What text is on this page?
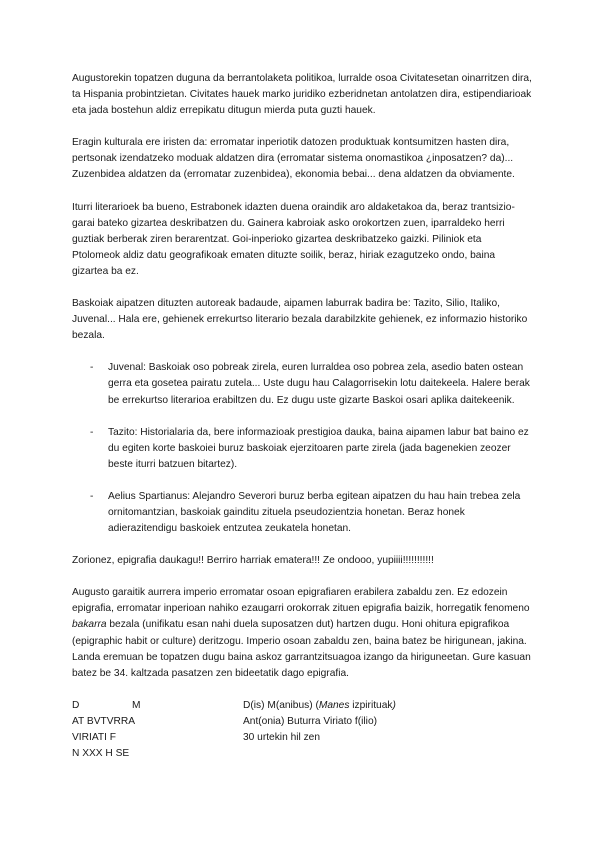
Augustorekin topatzen duguna da berrantolaketa politikoa, lurralde osoa Civitatesetan oinarritzen dira, ta Hispania probintzietan. Civitates hauek marko juridiko ezberidnetan antolatzen dira, estipendiarioak eta jada bostehun aldiz errepikatu ditugun mierda puta guzti hauek.

Eragin kulturala ere iristen da: erromatar inperiotik datozen produktuak kontsumitzen hasten dira, pertsonak izendatzeko moduak aldatzen dira (erromatar sistema onomastikoa ¿inposatzen? da)... Zuzenbidea aldatzen da (erromatar zuzenbidea), ekonomia bebai... dena aldatzen da obviamente.

Iturri literarioek ba bueno, Estrabonek idazten duena oraindik aro aldaketakoa da, beraz trantsizio-garai bateko gizartea deskribatzen du. Gainera kabroiak asko orokortzen zuen, iparraldeko herri guztiak berberak ziren berarentzat. Goi-inperioko gizartea deskribatzeko gaizki. Piliniok eta Ptolomeok aldiz datu geografikoak ematen dituzte soilik, beraz, hiriak ezagutzeko ondo, baina gizartea ba ez.

Baskoiak aipatzen dituzten autoreak badaude, aipamen laburrak badira be: Tazito, Silio, Italiko, Juvenal... Hala ere, gehienek errekurtso literario bezala darabilzkite gehienek, ez informazio historiko bezala.

- Juvenal: Baskoiak oso pobreak zirela, euren lurraldea oso pobrea zela, asedio baten ostean gerra eta gosetea pairatu zutela... Uste dugu hau Calagorrisekin lotu daitekeela. Halere berak be errekurtso literarioa erabiltzen du. Ez dugu uste gizarte Baskoi osari aplika daitekeenik.

- Tazito: Historialaria da, bere informazioak prestigioa dauka, baina aipamen labur bat baino ez du egiten korte baskoiei buruz baskoiak ejerzitoaren parte zirela (jada bagenekien zeozer beste iturri batzuen bitartez).

- Aelius Spartianus: Alejandro Severori buruz berba egitean aipatzen du hau hain trebea zela ornitomantzian, baskoiak gainditu zituela pseudozientzia honetan. Beraz honek adierazitendigu baskoiek entzutea zeukatela honetan.

Zorionez, epigrafia daukagu!! Berriro harriak ematera!!! Ze ondooo, yupiiii!!!!!!!!!!!

Augusto garaitik aurrera imperio erromatar osoan epigrafiaren erabilera zabaldu zen. Ez edozein epigrafia, erromatar inperioan nahiko ezaugarri orokorrak zituen epigrafia baizik, horregatik fenomeno bakarra bezala (unifikatu esan nahi duela suposatzen dut) hartzen dugu. Honi ohitura epigrafikoa (epigraphic habit or culture) deritzogu. Imperio osoan zabaldu zen, baina batez be hirigunean, jakina. Landa eremuan be topatzen dugu baina askoz garrantzitsuagoa izango da hiriguneetan. Gure kasuan batez be 34. kaltzada pasatzen zen bideetatik dago epigrafia.

D	M
AT BVTVRRA
VIRIATI F
N XXX H SE
D(is) M(anibus) (Manes izpirituak)
Ant(onia) Buturra Viriato f(ilio)
30 urtekin hil zen
